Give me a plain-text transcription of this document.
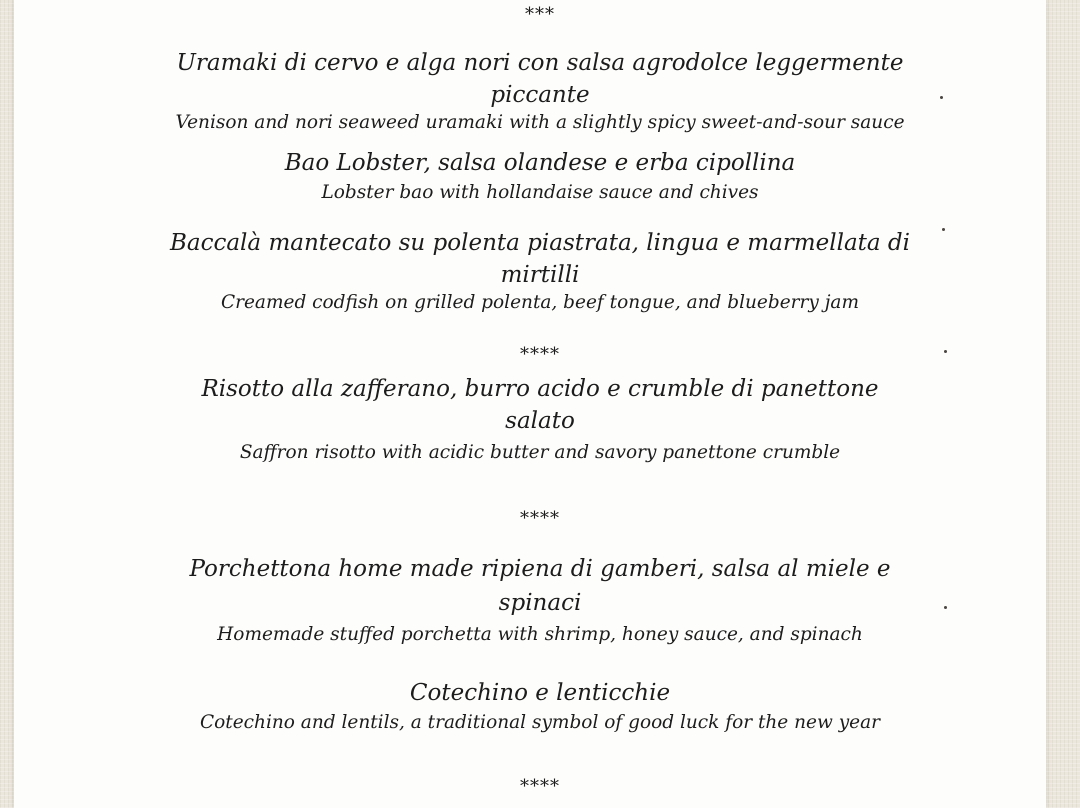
***
Uramaki di cervo e alga nori con salsa agrodolce leggermente
piccante
Venison and nori seaweed uramaki with a slightly spicy sweet-and-sour sauce
Bao Lobster, salsa olandese e erba cipollina
Lobster bao with hollandaise sauce and chives
Baccalà mantecato su polenta piastrata, lingua e marmellata di
mirtilli
Creamed codfish on grilled polenta, beef tongue, and blueberry jam
****
Risotto alla zafferano, burro acido e crumble di panettone
salato
Saffron risotto with acidic butter and savory panettone crumble
****
Porchettona home made ripiena di gamberi, salsa al miele e
spinaci
Homemade stuffed porchetta with shrimp, honey sauce, and spinach
Cotechino e lenticchie
Cotechino and lentils, a traditional symbol of good luck for the new year
****
